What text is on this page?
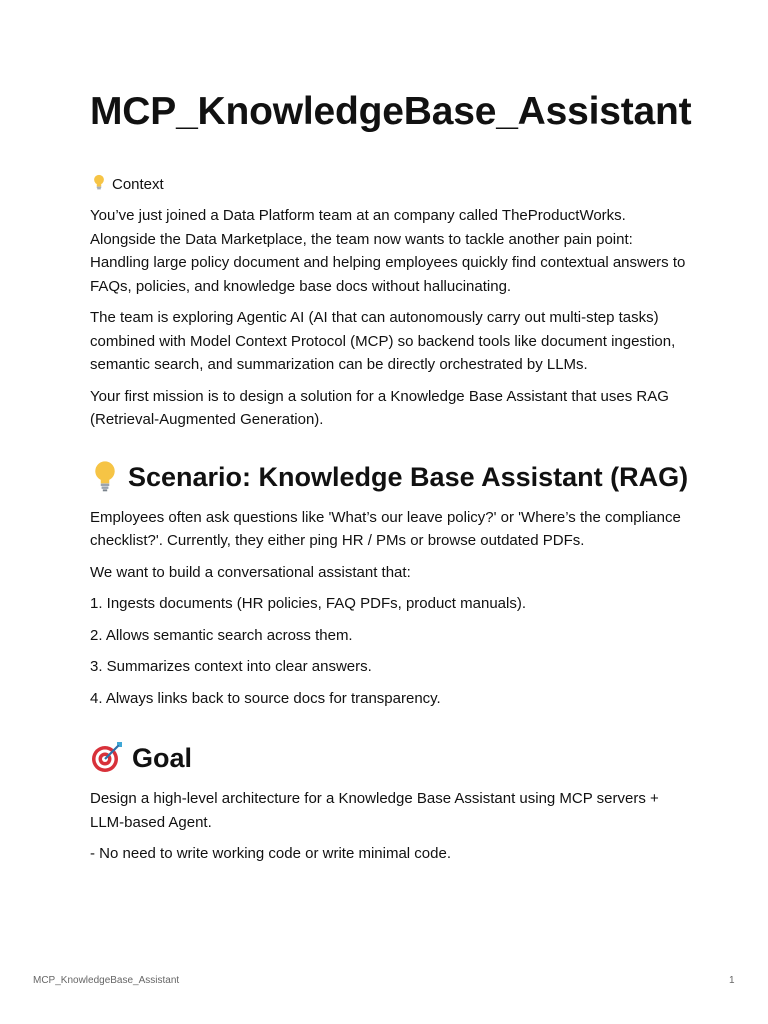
MCP_KnowledgeBase_Assistant
Context

You’ve just joined a Data Platform team at an company called TheProductWorks. Alongside the Data Marketplace, the team now wants to tackle another pain point: Handling large policy document and helping employees quickly find contextual answers to FAQs, policies, and knowledge base docs without hallucinating.

The team is exploring Agentic AI (AI that can autonomously carry out multi-step tasks) combined with Model Context Protocol (MCP) so backend tools like document ingestion, semantic search, and summarization can be directly orchestrated by LLMs.

Your first mission is to design a solution for a Knowledge Base Assistant that uses RAG (Retrieval-Augmented Generation).

Scenario: Knowledge Base Assistant (RAG)

Employees often ask questions like 'What’s our leave policy?' or 'Where’s the compliance checklist?'. Currently, they either ping HR / PMs or browse outdated PDFs.

We want to build a conversational assistant that:

1. Ingests documents (HR policies, FAQ PDFs, product manuals).

2. Allows semantic search across them.

3. Summarizes context into clear answers.

4. Always links back to source docs for transparency.

Goal

Design a high-level architecture for a Knowledge Base Assistant using MCP servers + LLM-based Agent.

- No need to write working code or write minimal code.

MCP_KnowledgeBase_Assistant	1
